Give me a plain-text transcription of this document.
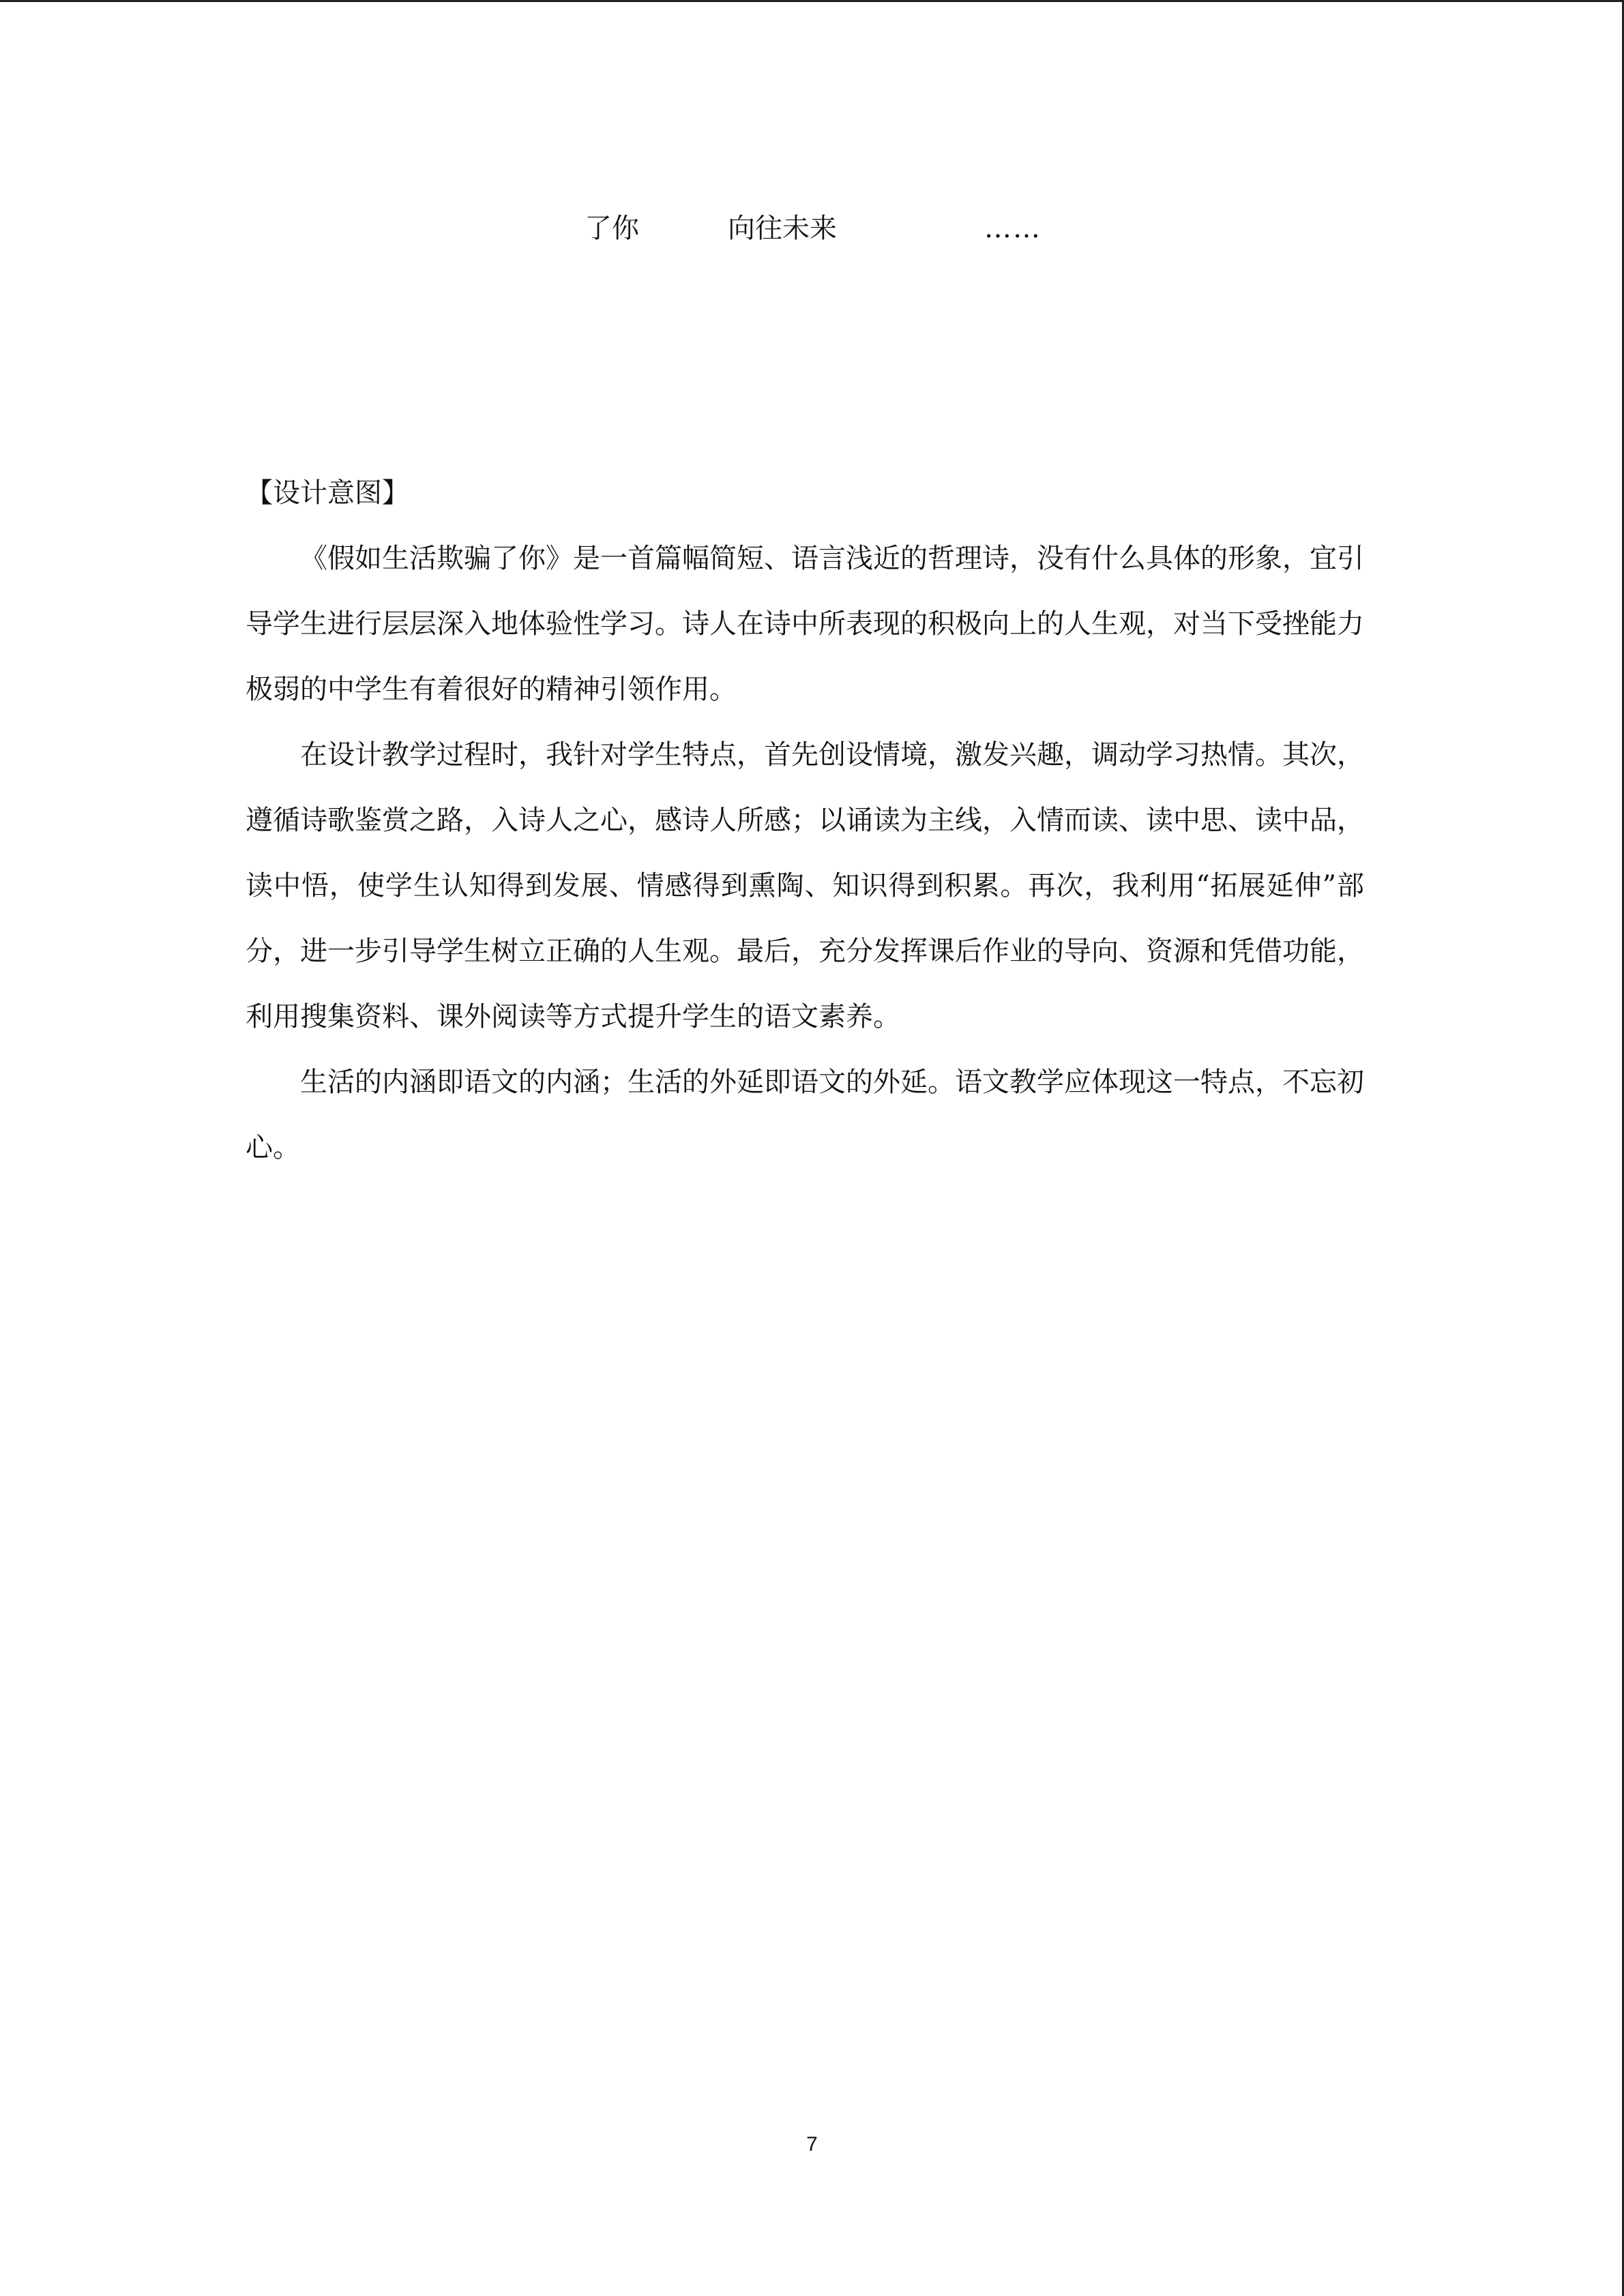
了你	向往未来	……
【设计意图】

《假如生活欺骗了你》是一首篇幅简短、语言浅近的哲理诗，没有什么具体的形象，宜引导学生进行层层深入地体验性学习。诗人在诗中所表现的积极向上的人生观，对当下受挫能力极弱的中学生有着很好的精神引领作用。

在设计教学过程时，我针对学生特点，首先创设情境，激发兴趣，调动学习热情。其次，遵循诗歌鉴赏之路，入诗人之心，感诗人所感；以诵读为主线，入情而读、读中思、读中品，读中悟，使学生认知得到发展、情感得到熏陶、知识得到积累。再次，我利用“拓展延伸”部分，进一步引导学生树立正确的人生观。最后，充分发挥课后作业的导向、资源和凭借功能，利用搜集资料、课外阅读等方式提升学生的语文素养。

生活的内涵即语文的内涵；生活的外延即语文的外延。语文教学应体现这一特点，不忘初心。

7
